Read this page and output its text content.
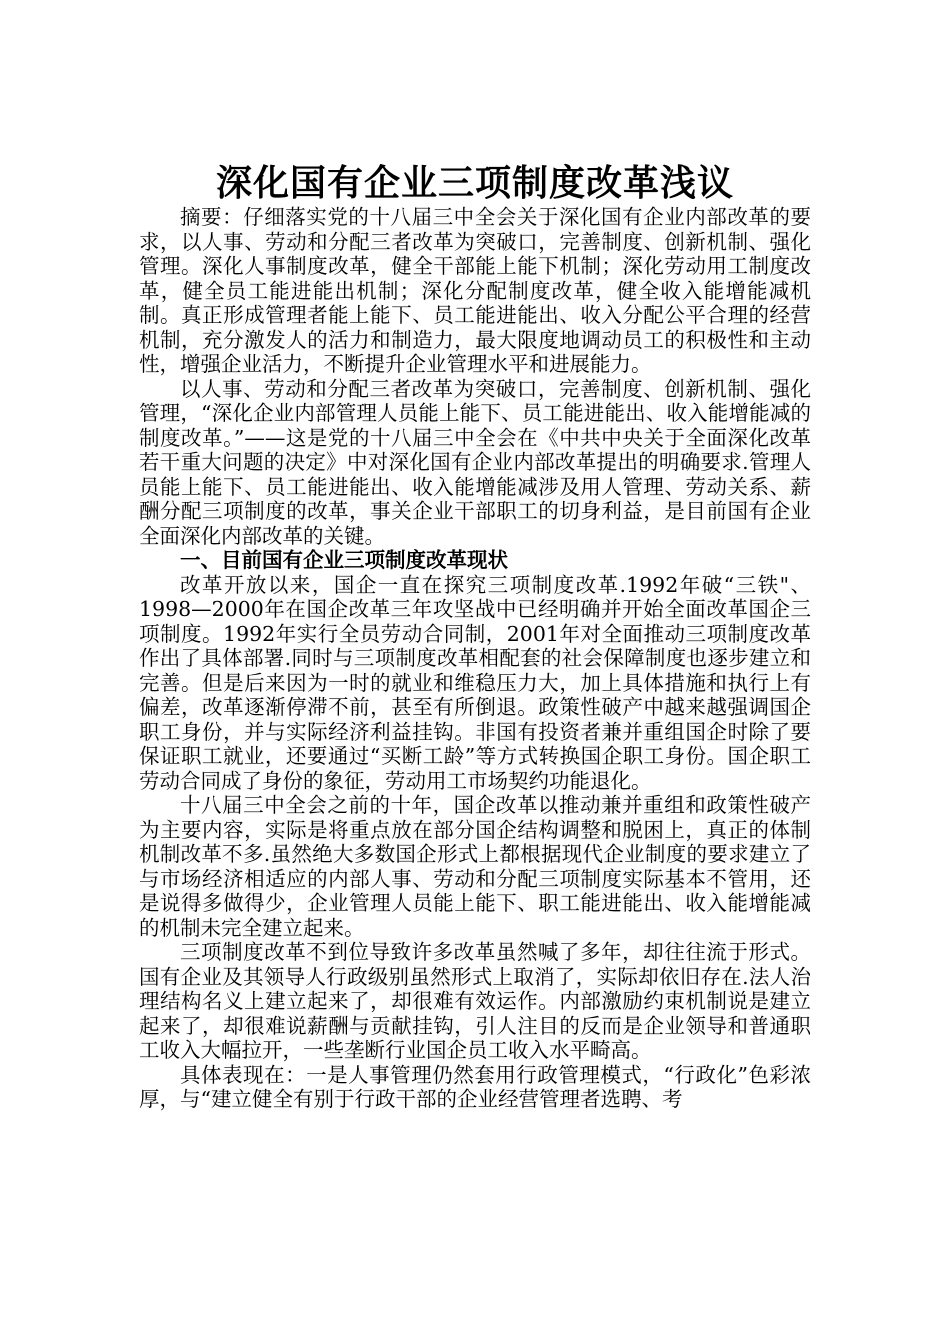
深化国有企业三项制度改革浅议

摘要：仔细落实党的十八届三中全会关于深化国有企业内部改革的要求，以人事、劳动和分配三者改革为突破口，完善制度、创新机制、强化管理。深化人事制度改革，健全干部能上能下机制；深化劳动用工制度改革，健全员工能进能出机制；深化分配制度改革，健全收入能增能减机制。真正形成管理者能上能下、员工能进能出、收入分配公平合理的经营机制，充分激发人的活力和制造力，最大限度地调动员工的积极性和主动性，增强企业活力，不断提升企业管理水平和进展能力。

以人事、劳动和分配三者改革为突破口，完善制度、创新机制、强化管理，“深化企业内部管理人员能上能下、员工能进能出、收入能增能减的制度改革。”——这是党的十八届三中全会在《中共中央关于全面深化改革若干重大问题的决定》中对深化国有企业内部改革提出的明确要求.管理人员能上能下、员工能进能出、收入能增能减涉及用人管理、劳动关系、薪酬分配三项制度的改革，事关企业干部职工的切身利益，是目前国有企业全面深化内部改革的关键。

一、目前国有企业三项制度改革现状

改革开放以来，国企一直在探究三项制度改革.1992年破“三铁"、1998—2000年在国企改革三年攻坚战中已经明确并开始全面改革国企三项制度。1992年实行全员劳动合同制，2001年对全面推动三项制度改革作出了具体部署.同时与三项制度改革相配套的社会保障制度也逐步建立和完善。但是后来因为一时的就业和维稳压力大，加上具体措施和执行上有偏差，改革逐渐停滞不前，甚至有所倒退。政策性破产中越来越强调国企职工身份，并与实际经济利益挂钩。非国有投资者兼并重组国企时除了要保证职工就业，还要通过“买断工龄”等方式转换国企职工身份。国企职工劳动合同成了身份的象征，劳动用工市场契约功能退化。

十八届三中全会之前的十年，国企改革以推动兼并重组和政策性破产为主要内容，实际是将重点放在部分国企结构调整和脱困上，真正的体制机制改革不多.虽然绝大多数国企形式上都根据现代企业制度的要求建立了与市场经济相适应的内部人事、劳动和分配三项制度实际基本不管用，还是说得多做得少，企业管理人员能上能下、职工能进能出、收入能增能减的机制未完全建立起来。

三项制度改革不到位导致许多改革虽然喊了多年，却往往流于形式。国有企业及其领导人行政级别虽然形式上取消了，实际却依旧存在.法人治理结构名义上建立起来了，却很难有效运作。内部激励约束机制说是建立起来了，却很难说薪酬与贡献挂钩，引人注目的反而是企业领导和普通职工收入大幅拉开，一些垄断行业国企员工收入水平畸高。

具体表现在：一是人事管理仍然套用行政管理模式，“行政化”色彩浓厚，与“建立健全有别于行政干部的企业经营管理者选聘、考
